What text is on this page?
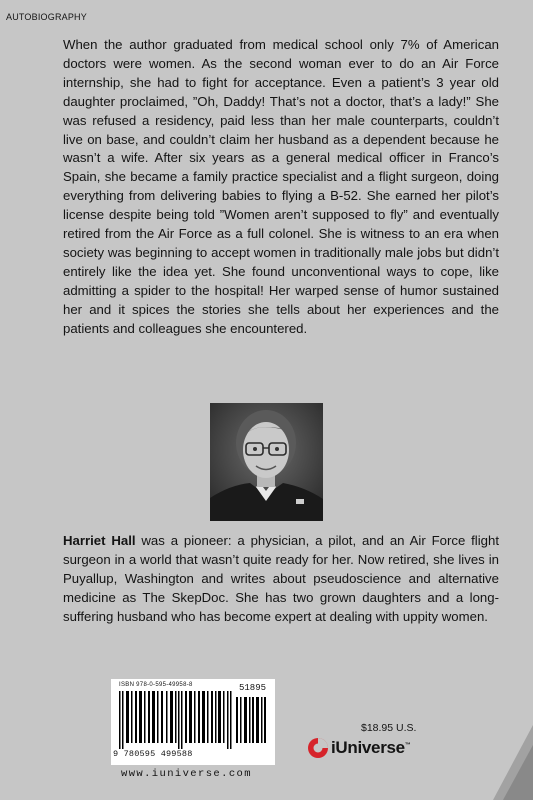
AUTOBIOGRAPHY
When the author graduated from medical school only 7% of American doctors were women. As the second woman ever to do an Air Force internship, she had to fight for acceptance. Even a patient’s 3 year old daughter proclaimed, ”Oh, Daddy! That’s not a doctor, that’s a lady!” She was refused a residency, paid less than her male counterparts, couldn’t live on base, and couldn’t claim her husband as a dependent because he wasn’t a wife. After six years as a general medical officer in Franco’s Spain, she became a family practice specialist and a flight surgeon, doing everything from delivering babies to flying a B-52. She earned her pilot’s license despite being told ”Women aren’t supposed to fly” and eventually retired from the Air Force as a full colonel. She is witness to an era when society was beginning to accept women in traditionally male jobs but didn’t entirely like the idea yet. She found unconventional ways to cope, like admitting a spider to the hospital! Her warped sense of humor sustained her and it spices the stories she tells about her experiences and the patients and colleagues she encountered.
Harriet Hall was a pioneer: a physician, a pilot, and an Air Force flight surgeon in a world that wasn’t quite ready for her. Now retired, she lives in Puyallup, Washington and writes about pseudoscience and alternative medicine as The SkepDoc. She has two grown daughters and a long-suffering husband who has become expert at dealing with uppity women.
ISBN 978-0-595-49958-8	51895
9 780595 499588
www.iuniverse.com
$18.95 U.S.
iUniverse™
